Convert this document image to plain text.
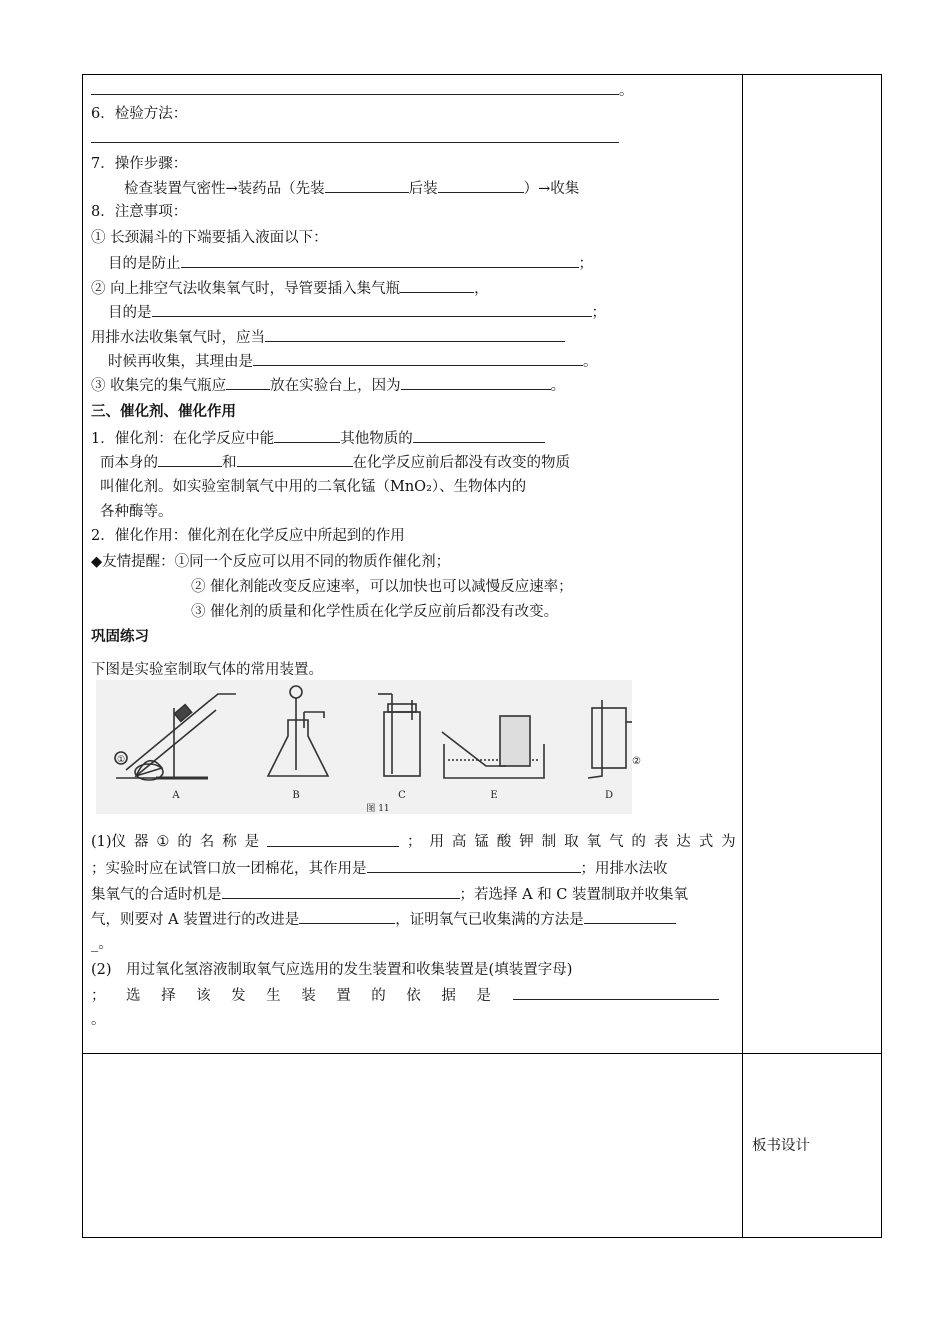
。
6．检验方法：
7．操作步骤：
检查装置气密性→装药品（先装	后装	）→收集
8．注意事项：
① 长颈漏斗的下端要插入液面以下：
目的是防止	；
② 向上排空气法收集氧气时，导管要插入集气瓶	，
目的是	；
用排水法收集氧气时，应当
时候再收集，其理由是	。
③ 收集完的集气瓶应	放在实验台上，因为	。
三、催化剂、催化作用
1．催化剂：在化学反应中能	其他物质的
而本身的	和	在化学反应前后都没有改变的物质
叫催化剂。如实验室制氧气中用的二氧化锰（MnO₂）、生物体内的
各种酶等。
2．催化作用：催化剂在化学反应中所起到的作用
◆友情提醒：①同一个反应可以用不同的物质作催化剂；
② 催化剂能改变反应速率，可以加快也可以减慢反应速率；
③ 催化剂的质量和化学性质在化学反应前后都没有改变。
巩固练习
下图是实验室制取气体的常用装置。
①
A	B	C	E	D
图 11
②
(1)仪 器 ① 的 名 称 是	； 用 高 锰 酸 钾 制 取 氧 气 的 表 达 式 为
；实验时应在试管口放一团棉花，其作用是	；用排水法收
集氧气的合适时机是	；若选择 A 和 C 装置制取并收集氧
气，则要对 A 装置进行的改进是	，证明氧气已收集满的方法是
_。
(2)　用过氧化氢溶液制取氧气应选用的发生装置和收集装置是(填装置字母)
； 选 择 该 发 生 装 置 的 依 据 是
。
板书设计
